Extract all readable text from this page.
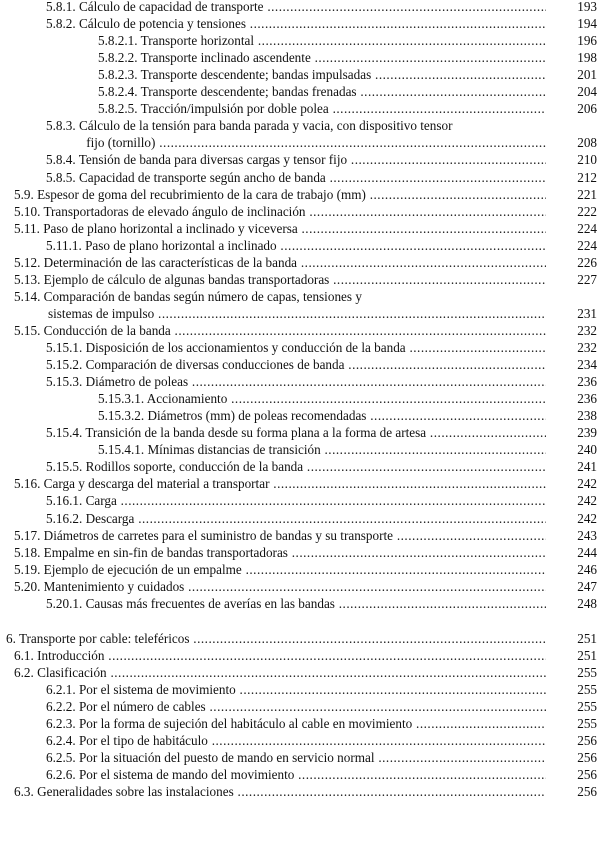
5.8.1. Cálculo de capacidad de transporte .....	193
5.8.2. Cálculo de potencia y tensiones .....	194
5.8.2.1. Transporte horizontal .....	196
5.8.2.2. Transporte inclinado ascendente .....	198
5.8.2.3. Transporte descendente; bandas impulsadas .....	201
5.8.2.4. Transporte descendente; bandas frenadas .....	204
5.8.2.5. Tracción/impulsión por doble polea .....	206
5.8.3. Cálculo de la tensión para banda parada y vacia, con dispositivo tensor
fijo (tornillo) .....	208
5.8.4. Tensión de banda para diversas cargas y tensor fijo .....	210
5.8.5. Capacidad de transporte según ancho de banda .....	212
5.9. Espesor de goma del recubrimiento de la cara de trabajo (mm) .....	221
5.10. Transportadoras de elevado ángulo de inclinación .....	222
5.11. Paso de plano horizontal a inclinado y viceversa .....	224
5.11.1. Paso de plano horizontal a inclinado .....	224
5.12. Determinación de las características de la banda .....	226
5.13. Ejemplo de cálculo de algunas bandas transportadoras .....	227
5.14. Comparación de bandas según número de capas, tensiones y
sistemas de impulso .....	231
5.15. Conducción de la banda .....	232
5.15.1. Disposición de los accionamientos y conducción de la banda .....	232
5.15.2. Comparación de diversas conducciones de banda .....	234
5.15.3. Diámetro de poleas .....	236
5.15.3.1. Accionamiento .....	236
5.15.3.2. Diámetros (mm) de poleas recomendadas .....	238
5.15.4. Transición de la banda desde su forma plana a la forma de artesa .....	239
5.15.4.1. Mínimas distancias de transición .....	240
5.15.5. Rodillos soporte, conducción de la banda .....	241
5.16. Carga y descarga del material a transportar .....	242
5.16.1. Carga .....	242
5.16.2. Descarga .....	242
5.17. Diámetros de carretes para el suministro de bandas y su transporte .....	243
5.18. Empalme en sin-fin de bandas transportadoras .....	244
5.19. Ejemplo de ejecución de un empalme .....	246
5.20. Mantenimiento y cuidados .....	247
5.20.1. Causas más frecuentes de averías en las bandas .....	248
6. Transporte por cable: teleféricos .....	251
6.1. Introducción .....	251
6.2. Clasificación .....	255
6.2.1. Por el sistema de movimiento .....	255
6.2.2. Por el número de cables .....	255
6.2.3. Por la forma de sujeción del habitáculo al cable en movimiento .....	255
6.2.4. Por el tipo de habitáculo .....	256
6.2.5. Por la situación del puesto de mando en servicio normal .....	256
6.2.6. Por el sistema de mando del movimiento .....	256
6.3. Generalidades sobre las instalaciones .....	256
